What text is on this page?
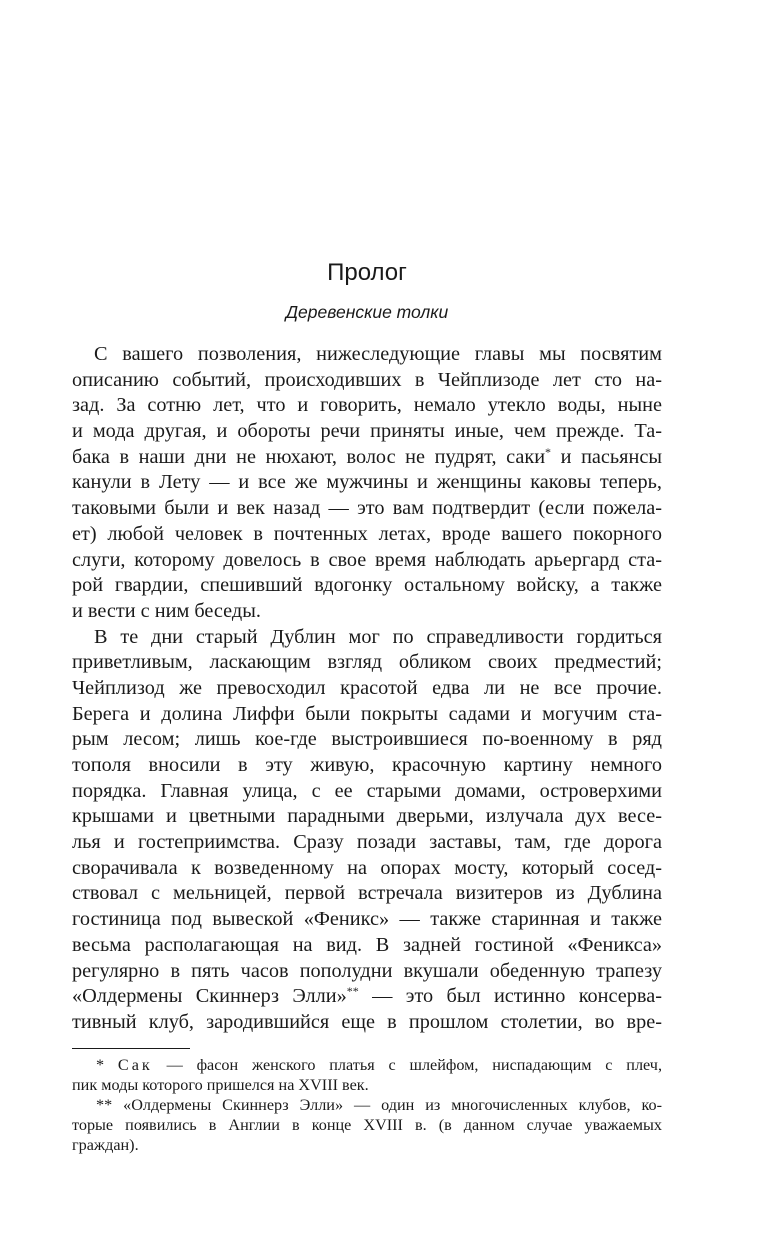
Пролог
Деревенские толки
С вашего позволения, нижеследующие главы мы посвятим
описанию событий, происходивших в Чейплизоде лет сто на-
зад. За сотню лет, что и говорить, немало утекло воды, ныне
и мода другая, и обороты речи приняты иные, чем прежде. Та-
бака в наши дни не нюхают, волос не пудрят, саки* и пасьянсы
канули в Лету — и все же мужчины и женщины каковы теперь,
таковыми были и век назад — это вам подтвердит (если пожела-
ет) любой человек в почтенных летах, вроде вашего покорного
слуги, которому довелось в свое время наблюдать арьергард ста-
рой гвардии, спешивший вдогонку остальному войску, а также
и вести с ним беседы.
В те дни старый Дублин мог по справедливости гордиться
приветливым, ласкающим взгляд обликом своих предместий;
Чейплизод же превосходил красотой едва ли не все прочие.
Берега и долина Лиффи были покрыты садами и могучим ста-
рым лесом; лишь кое-где выстроившиеся по-военному в ряд
тополя вносили в эту живую, красочную картину немного
порядка. Главная улица, с ее старыми домами, островерхими
крышами и цветными парадными дверьми, излучала дух весе-
лья и гостеприимства. Сразу позади заставы, там, где дорога
сворачивала к возведенному на опорах мосту, который сосед-
ствовал с мельницей, первой встречала визитеров из Дублина
гостиница под вывеской «Феникс» — также старинная и также
весьма располагающая на вид. В задней гостиной «Феникса»
регулярно в пять часов пополудни вкушали обеденную трапезу
«Олдермены Скиннерз Элли»** — это был истинно консерва-
тивный клуб, зародившийся еще в прошлом столетии, во вре-
* Сак — фасон женского платья с шлейфом, ниспадающим с плеч,
пик моды которого пришелся на XVIII век.
** «Олдермены Скиннерз Элли» — один из многочисленных клубов, ко-
торые появились в Англии в конце XVIII в. (в данном случае уважаемых
граждан).
